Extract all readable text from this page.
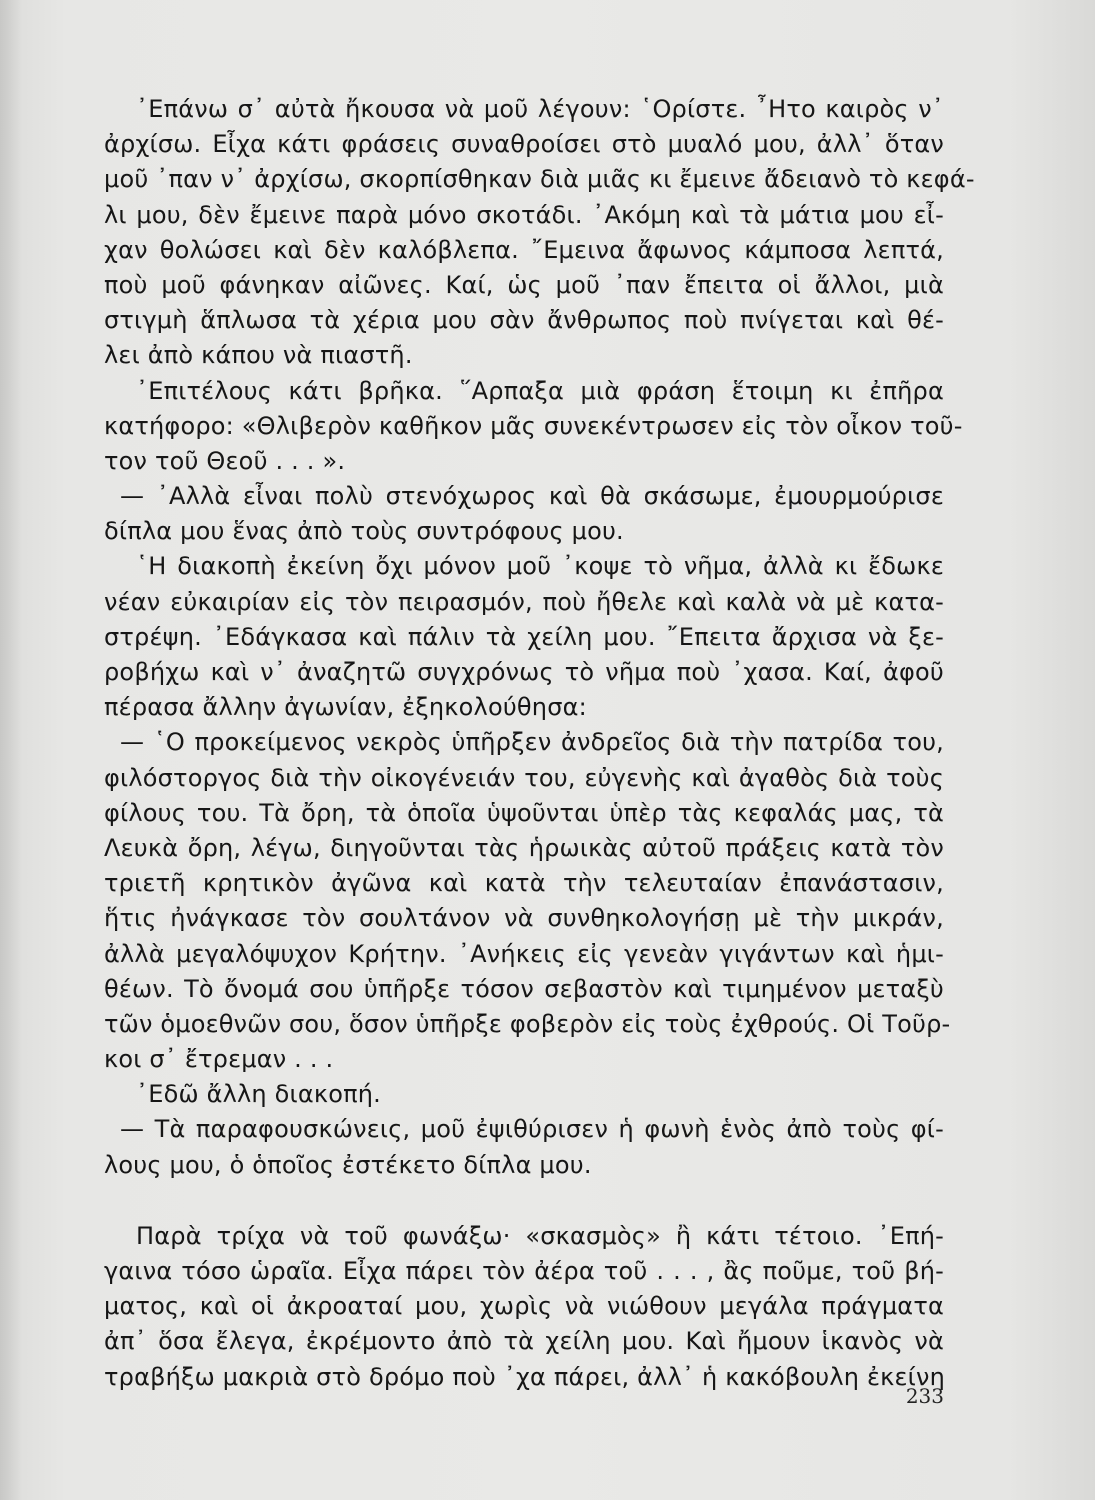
᾿Επάνω σ᾿ αὐτὰ ἤκουσα νὰ μοῦ λέγουν: ῾Ορίστε. ῏Ητο καιρὸς ν᾿
ἀρχίσω. Εἶχα κάτι φράσεις συναθροίσει στὸ μυαλό μου, ἀλλ᾿ ὅταν
μοῦ ᾿παν ν᾿ ἀρχίσω, σκορπίσθηκαν διὰ μιᾶς κι ἔμεινε ἄδειανὸ τὸ κεφά-
λι μου, δὲν ἔμεινε παρὰ μόνο σκοτάδι. ᾿Ακόμη καὶ τὰ μάτια μου εἶ-
χαν θολώσει καὶ δὲν καλόβλεπα. ῎Εμεινα ἄφωνος κάμποσα λεπτά,
ποὺ μοῦ φάνηκαν αἰῶνες. Καί, ὡς μοῦ ᾿παν ἔπειτα οἱ ἄλλοι, μιὰ
στιγμὴ ἅπλωσα τὰ χέρια μου σὰν ἄνθρωπος ποὺ πνίγεται καὶ θέ-
λει ἀπὸ κάπου νὰ πιαστῆ.
᾿Επιτέλους κάτι βρῆκα. ῞Αρπαξα μιὰ φράση ἕτοιμη κι ἐπῆρα
κατήφορο: «Θλιβερὸν καθῆκον μᾶς συνεκέντρωσεν εἰς τὸν οἶκον τοῦ-
τον τοῦ Θεοῦ . . . ».
— ᾿Αλλὰ εἶναι πολὺ στενόχωρος καὶ θὰ σκάσωμε, ἐμουρμούρισε
δίπλα μου ἕνας ἀπὸ τοὺς συντρόφους μου.
῾Η διακοπὴ ἐκείνη ὄχι μόνον μοῦ ᾿κοψε τὸ νῆμα, ἀλλὰ κι ἔδωκε
νέαν εὐκαιρίαν εἰς τὸν πειρασμόν, ποὺ ἤθελε καὶ καλὰ νὰ μὲ κατα-
στρέψη. ᾿Εδάγκασα καὶ πάλιν τὰ χείλη μου. ῎Επειτα ἄρχισα νὰ ξε-
ροβήχω καὶ ν᾿ ἀναζητῶ συγχρόνως τὸ νῆμα ποὺ ᾿χασα. Καί, ἀφοῦ
πέρασα ἄλλην ἀγωνίαν, ἐξηκολούθησα:
— ῾Ο προκείμενος νεκρὸς ὑπῆρξεν ἀνδρεῖος διὰ τὴν πατρίδα του,
φιλόστοργος διὰ τὴν οἰκογένειάν του, εὐγενὴς καὶ ἀγαθὸς διὰ τοὺς
φίλους του. Τὰ ὄρη, τὰ ὁποῖα ὑψοῦνται ὑπὲρ τὰς κεφαλάς μας, τὰ
Λευκὰ ὄρη, λέγω, διηγοῦνται τὰς ἡρωικὰς αὐτοῦ πράξεις κατὰ τὸν
τριετῆ κρητικὸν ἀγῶνα καὶ κατὰ τὴν τελευταίαν ἐπανάστασιν,
ἥτις ἠνάγκασε τὸν σουλτάνον νὰ συνθηκολογήσῃ μὲ τὴν μικράν,
ἀλλὰ μεγαλόψυχον Κρήτην. ᾿Ανήκεις εἰς γενεὰν γιγάντων καὶ ἡμι-
θέων. Τὸ ὄνομά σου ὑπῆρξε τόσον σεβαστὸν καὶ τιμημένον μεταξὺ
τῶν ὁμοεθνῶν σου, ὅσον ὑπῆρξε φοβερὸν εἰς τοὺς ἐχθρούς. Οἱ Τοῦρ-
κοι σ᾿ ἔτρεμαν . . .
᾿Εδῶ ἄλλη διακοπή.
— Τὰ παραφουσκώνεις, μοῦ ἐψιθύρισεν ἡ φωνὴ ἑνὸς ἀπὸ τοὺς φί-
λους μου, ὁ ὁποῖος ἐστέκετο δίπλα μου.
Παρὰ τρίχα νὰ τοῦ φωνάξω· «σκασμὸς» ἢ κάτι τέτοιο. ᾿Επή-
γαινα τόσο ὡραῖα. Εἶχα πάρει τὸν ἀέρα τοῦ . . . , ἂς ποῦμε, τοῦ βή-
ματος, καὶ οἱ ἀκροαταί μου, χωρὶς νὰ νιώθουν μεγάλα πράγματα
ἀπ᾿ ὅσα ἔλεγα, ἐκρέμοντο ἀπὸ τὰ χείλη μου. Καὶ ἤμουν ἱκανὸς νὰ
τραβήξω μακριὰ στὸ δρόμο ποὺ ᾿χα πάρει, ἀλλ᾿ ἡ κακόβουλη ἐκείνη
233
